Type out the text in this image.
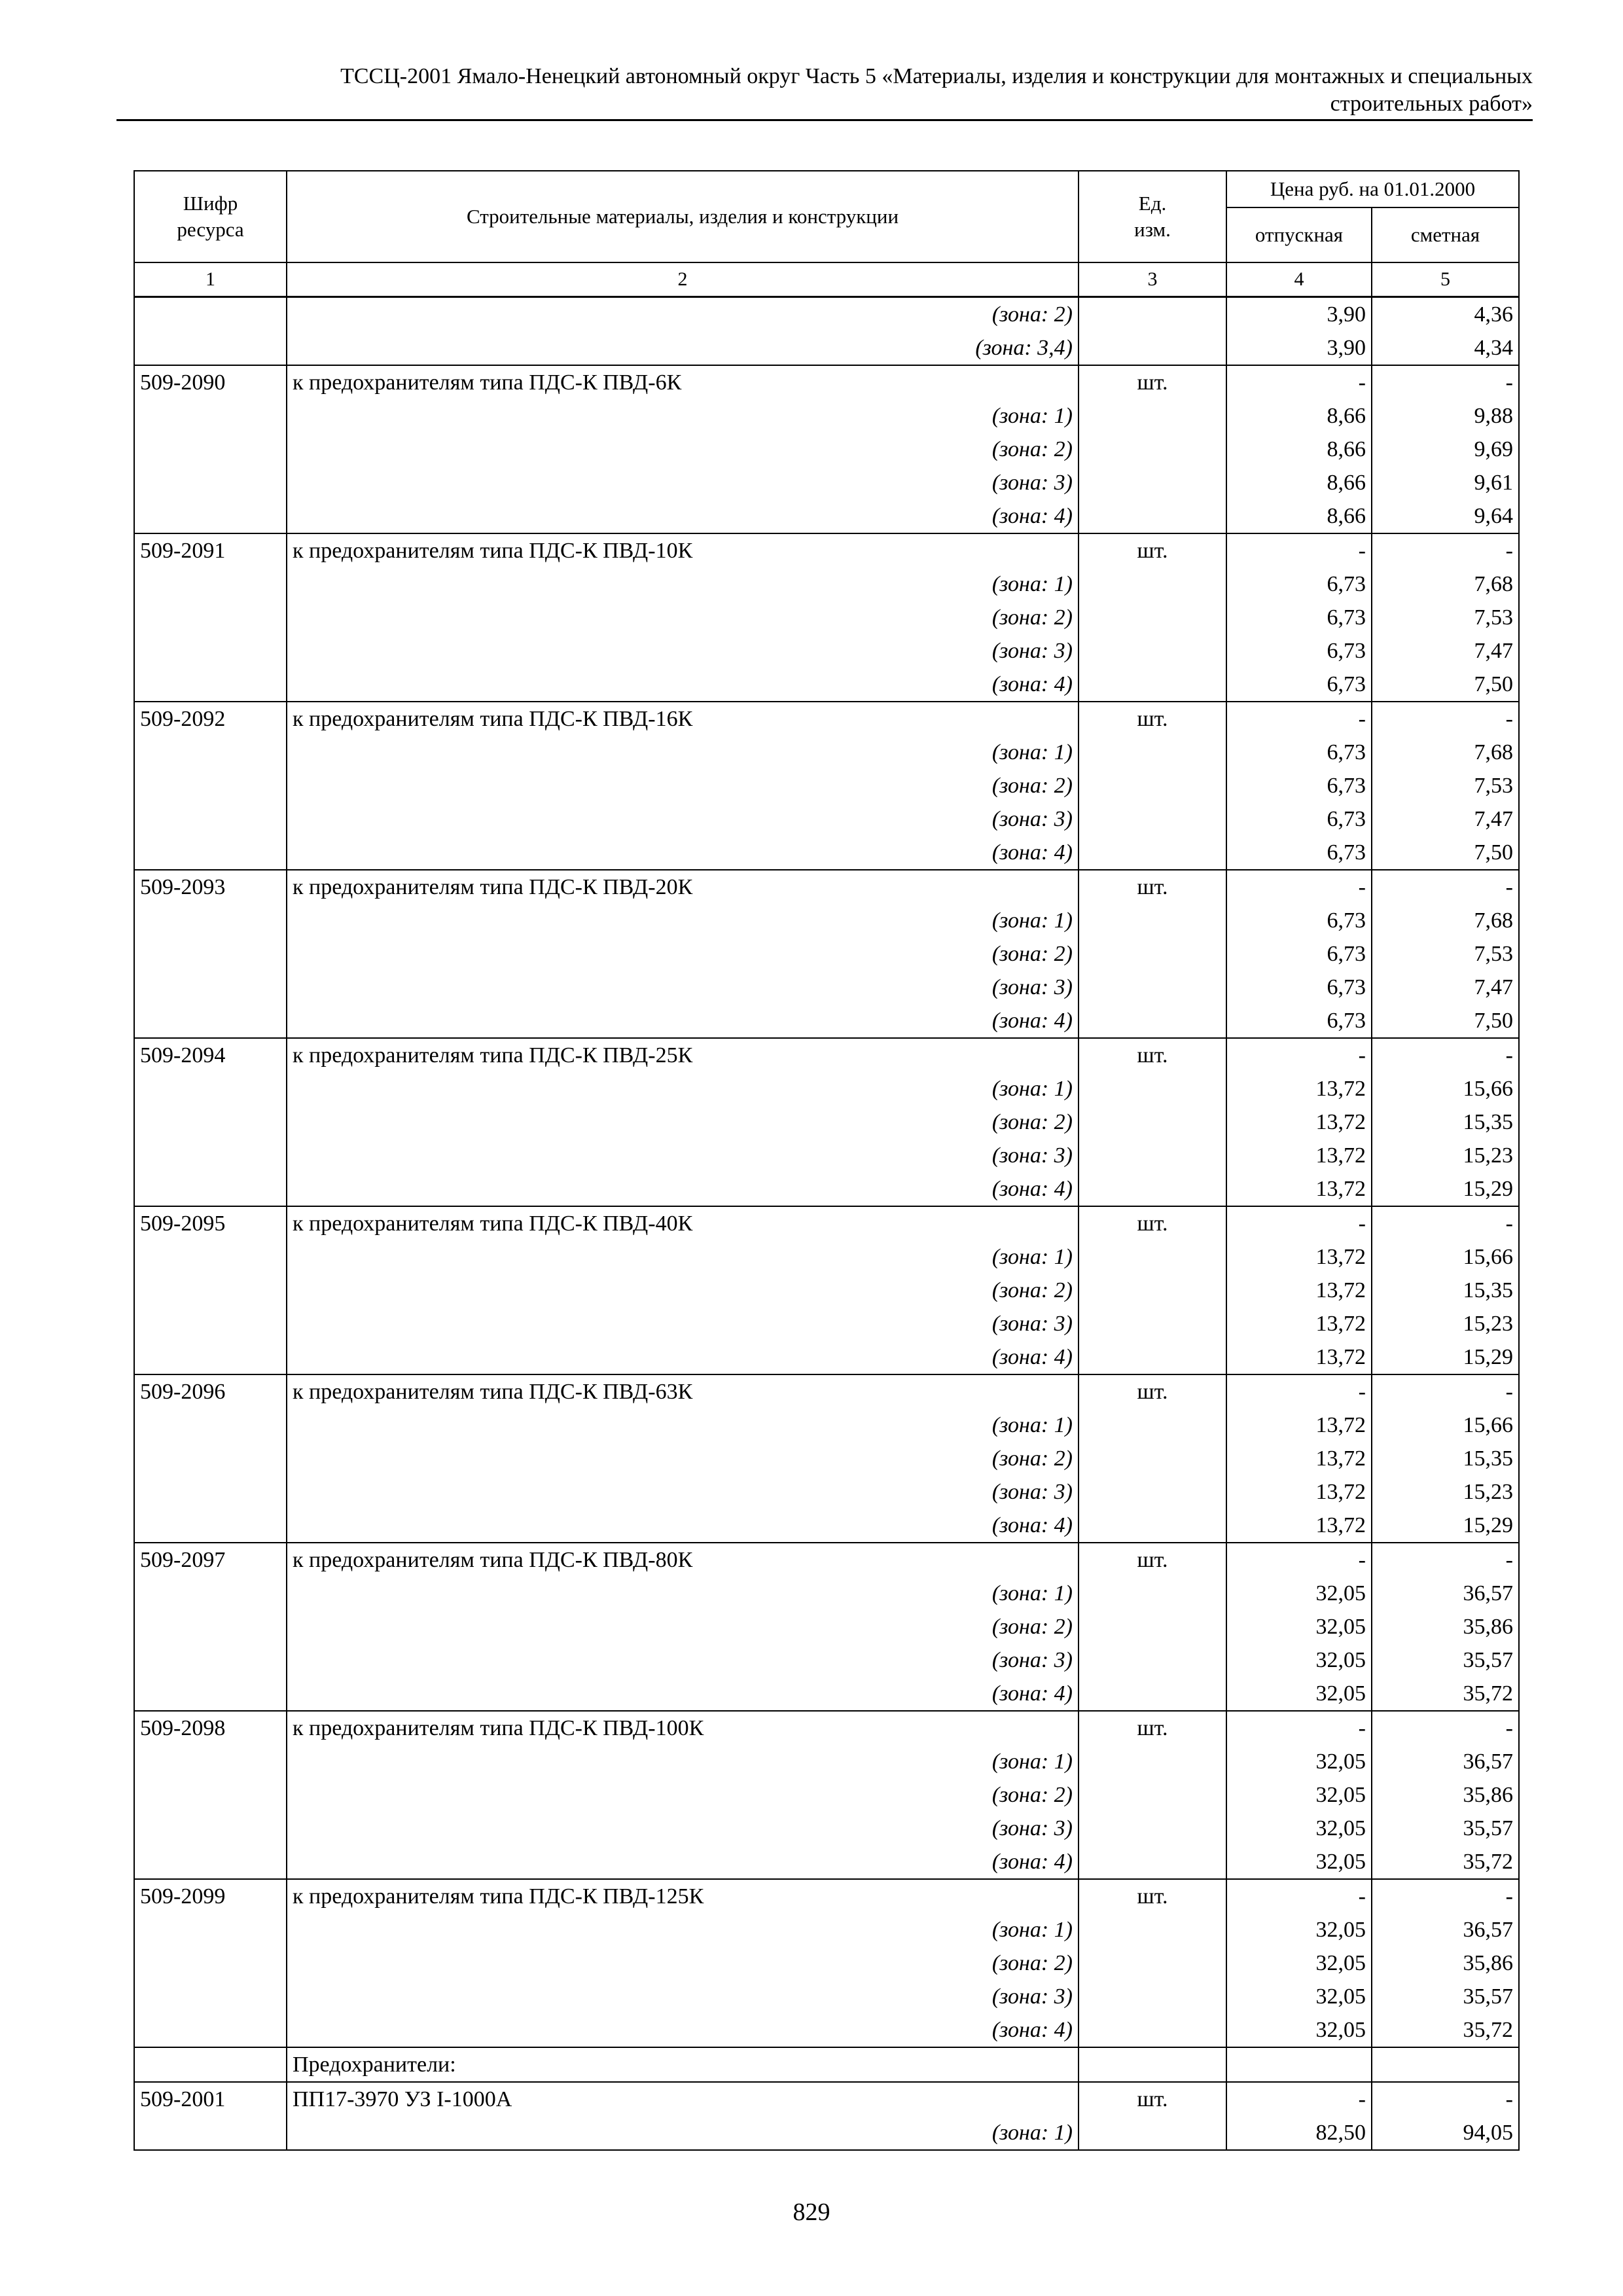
ТССЦ-2001 Ямало-Ненецкий автономный округ Часть 5 «Материалы, изделия и конструкции для монтажных и специальных
строительных работ»
Шифр ресурса	Строительные материалы, изделия и конструкции	Ед. изм.	Цена руб. на 01.01.2000	
			отпускная	сметная
1	2	3	4	5
	(зона: 2)		3,90	4,36
	(зона: 3,4)		3,90	4,34
509-2090	к предохранителям типа ПДС-К ПВД-6К	шт.	-	-
	(зона: 1)		8,66	9,88
	(зона: 2)		8,66	9,69
	(зона: 3)		8,66	9,61
	(зона: 4)		8,66	9,64
509-2091	к предохранителям типа ПДС-К ПВД-10К	шт.	-	-
	(зона: 1)		6,73	7,68
	(зона: 2)		6,73	7,53
	(зона: 3)		6,73	7,47
	(зона: 4)		6,73	7,50
509-2092	к предохранителям типа ПДС-К ПВД-16К	шт.	-	-
	(зона: 1)		6,73	7,68
	(зона: 2)		6,73	7,53
	(зона: 3)		6,73	7,47
	(зона: 4)		6,73	7,50
509-2093	к предохранителям типа ПДС-К ПВД-20К	шт.	-	-
	(зона: 1)		6,73	7,68
	(зона: 2)		6,73	7,53
	(зона: 3)		6,73	7,47
	(зона: 4)		6,73	7,50
509-2094	к предохранителям типа ПДС-К ПВД-25К	шт.	-	-
	(зона: 1)		13,72	15,66
	(зона: 2)		13,72	15,35
	(зона: 3)		13,72	15,23
	(зона: 4)		13,72	15,29
509-2095	к предохранителям типа ПДС-К ПВД-40К	шт.	-	-
	(зона: 1)		13,72	15,66
	(зона: 2)		13,72	15,35
	(зона: 3)		13,72	15,23
	(зона: 4)		13,72	15,29
509-2096	к предохранителям типа ПДС-К ПВД-63К	шт.	-	-
	(зона: 1)		13,72	15,66
	(зона: 2)		13,72	15,35
	(зона: 3)		13,72	15,23
	(зона: 4)		13,72	15,29
509-2097	к предохранителям типа ПДС-К ПВД-80К	шт.	-	-
	(зона: 1)		32,05	36,57
	(зона: 2)		32,05	35,86
	(зона: 3)		32,05	35,57
	(зона: 4)		32,05	35,72
509-2098	к предохранителям типа ПДС-К ПВД-100К	шт.	-	-
	(зона: 1)		32,05	36,57
	(зона: 2)		32,05	35,86
	(зона: 3)		32,05	35,57
	(зона: 4)		32,05	35,72
509-2099	к предохранителям типа ПДС-К ПВД-125К	шт.	-	-
	(зона: 1)		32,05	36,57
	(зона: 2)		32,05	35,86
	(зона: 3)		32,05	35,57
	(зона: 4)		32,05	35,72
	Предохранители:			
509-2001	ПП17-3970 УЗ I-1000А	шт.	-	-
	(зона: 1)		82,50	94,05
829
